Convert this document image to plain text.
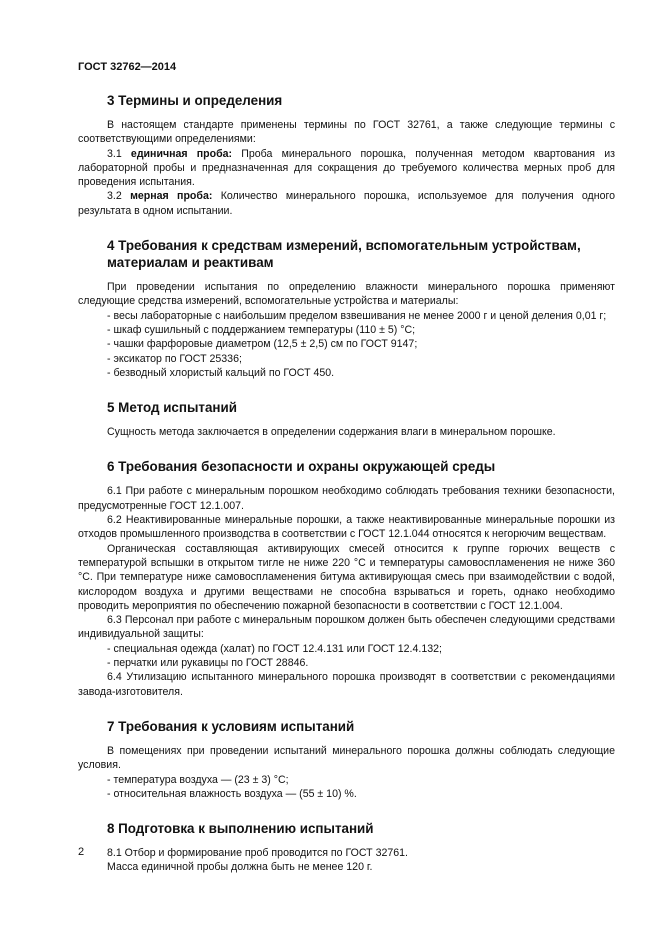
ГОСТ 32762—2014
3 Термины и определения

В настоящем стандарте применены термины по ГОСТ 32761, а также следующие термины с соответствующими определениями:

3.1 единичная проба: Проба минерального порошка, полученная методом квартования из лабораторной пробы и предназначенная для сокращения до требуемого количества мерных проб для проведения испытания.

3.2 мерная проба: Количество минерального порошка, используемое для получения одного результата в одном испытании.

4 Требования к средствам измерений, вспомогательным устройствам,
материалам и реактивам

При проведении испытания по определению влажности минерального порошка применяют следующие средства измерений, вспомогательные устройства и материалы:

- весы лабораторные с наибольшим пределом взвешивания не менее 2000 г и ценой деления 0,01 г;

- шкаф сушильный с поддержанием температуры (110 ± 5) °C;

- чашки фарфоровые диаметром (12,5 ± 2,5) см по ГОСТ 9147;

- эксикатор по ГОСТ 25336;

- безводный хлористый кальций по ГОСТ 450.

5 Метод испытаний

Сущность метода заключается в определении содержания влаги в минеральном порошке.

6 Требования безопасности и охраны окружающей среды

6.1 При работе с минеральным порошком необходимо соблюдать требования техники безопасности, предусмотренные ГОСТ 12.1.007.

6.2 Неактивированные минеральные порошки, а также неактивированные минеральные порошки из отходов промышленного производства в соответствии с ГОСТ 12.1.044 относятся к негорючим веществам.

Органическая составляющая активирующих смесей относится к группе горючих веществ с температурой вспышки в открытом тигле не ниже 220 °C и температуры самовоспламенения не ниже 360 °C. При температуре ниже самовоспламенения битума активирующая смесь при взаимодействии с водой, кислородом воздуха и другими веществами не способна взрываться и гореть, однако необходимо проводить мероприятия по обеспечению пожарной безопасности в соответствии с ГОСТ 12.1.004.

6.3 Персонал при работе с минеральным порошком должен быть обеспечен следующими средствами индивидуальной защиты:

- специальная одежда (халат) по ГОСТ 12.4.131 или ГОСТ 12.4.132;

- перчатки или рукавицы по ГОСТ 28846.

6.4 Утилизацию испытанного минерального порошка производят в соответствии с рекомендациями завода-изготовителя.

7 Требования к условиям испытаний

В помещениях при проведении испытаний минерального порошка должны соблюдать следующие условия.

- температура воздуха — (23 ± 3) °C;

- относительная влажность воздуха — (55 ± 10) %.

8 Подготовка к выполнению испытаний

8.1 Отбор и формирование проб проводится по ГОСТ 32761.

Масса единичной пробы должна быть не менее 120 г.

2
